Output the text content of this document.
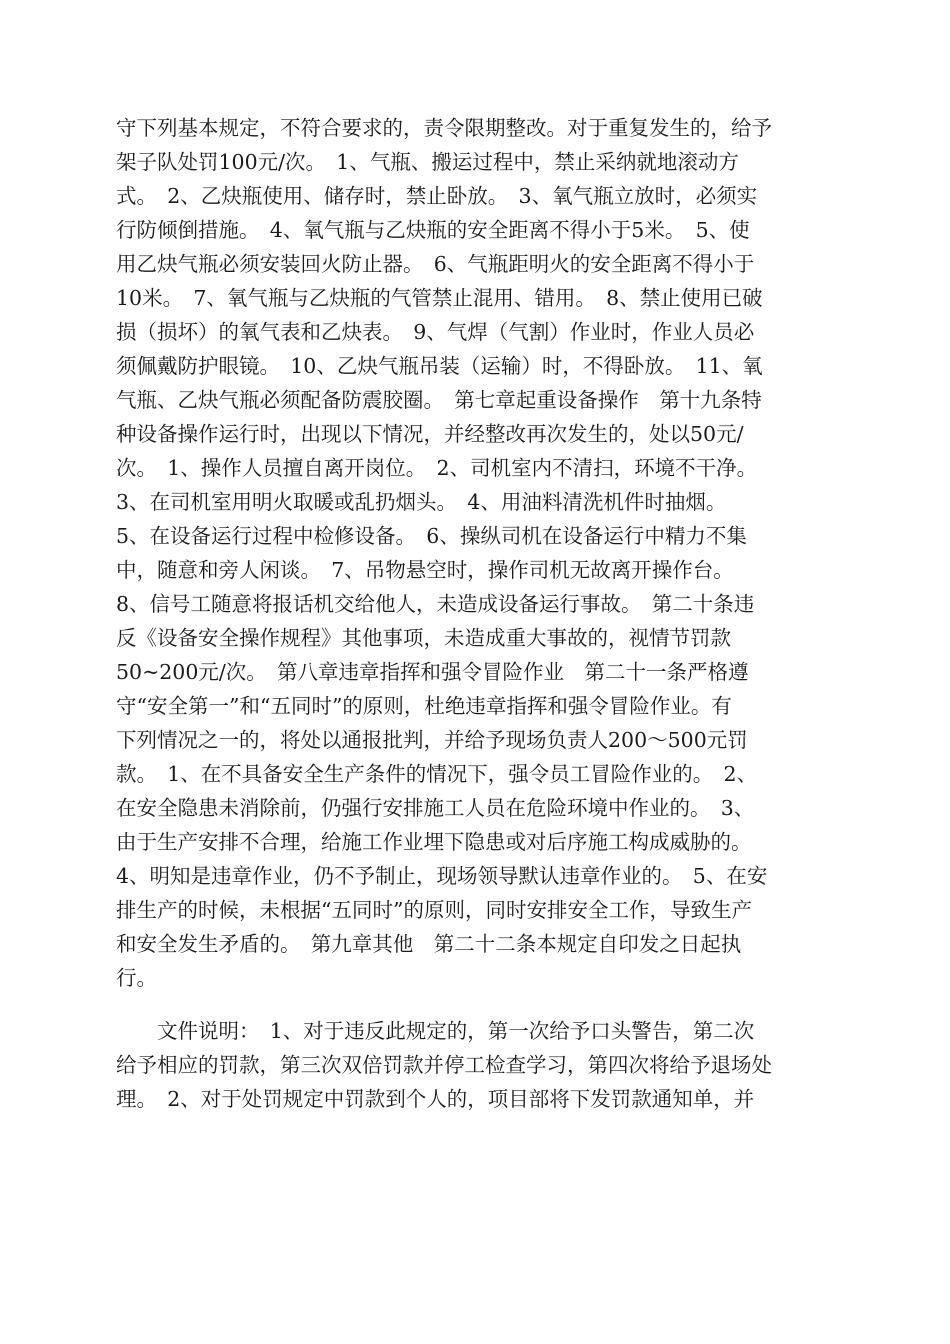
守下列基本规定，不符合要求的，责令限期整改。对于重复发生的，给予
架子队处罚100元/次。　1、气瓶、搬运过程中，禁止采纳就地滚动方
式。　2、乙炔瓶使用、储存时，禁止卧放。　3、氧气瓶立放时，必须实
行防倾倒措施。　4、氧气瓶与乙炔瓶的安全距离不得小于5米。　5、使
用乙炔气瓶必须安装回火防止器。　6、气瓶距明火的安全距离不得小于
10米。　7、氧气瓶与乙炔瓶的气管禁止混用、错用。　8、禁止使用已破
损（损坏）的氧气表和乙炔表。　9、气焊（气割）作业时，作业人员必
须佩戴防护眼镜。　10、乙炔气瓶吊装（运输）时，不得卧放。　11、氧
气瓶、乙炔气瓶必须配备防震胶圈。　第七章起重设备操作　第十九条特
种设备操作运行时，出现以下情况，并经整改再次发生的，处以50元/
次。　1、操作人员擅自离开岗位。　2、司机室内不清扫，环境不干净。
3、在司机室用明火取暖或乱扔烟头。　4、用油料清洗机件时抽烟。
5、在设备运行过程中检修设备。　6、操纵司机在设备运行中精力不集
中，随意和旁人闲谈。　7、吊物悬空时，操作司机无故离开操作台。
8、信号工随意将报话机交给他人，未造成设备运行事故。　第二十条违
反《设备安全操作规程》其他事项，未造成重大事故的，视情节罚款
50~200元/次。　第八章违章指挥和强令冒险作业　第二十一条严格遵
守“安全第一”和“五同时”的原则，杜绝违章指挥和强令冒险作业。有
下列情况之一的，将处以通报批判，并给予现场负责人200～500元罚
款。　1、在不具备安全生产条件的情况下，强令员工冒险作业的。　2、
在安全隐患未消除前，仍强行安排施工人员在危险环境中作业的。　3、
由于生产安排不合理，给施工作业埋下隐患或对后序施工构成威胁的。
4、明知是违章作业，仍不予制止，现场领导默认违章作业的。　5、在安
排生产的时候，未根据“五同时”的原则，同时安排安全工作，导致生产
和安全发生矛盾的。　第九章其他　第二十二条本规定自印发之日起执
行。
　　文件说明：　1、对于违反此规定的，第一次给予口头警告，第二次
给予相应的罚款，第三次双倍罚款并停工检查学习，第四次将给予退场处
理。　2、对于处罚规定中罚款到个人的，项目部将下发罚款通知单，并
